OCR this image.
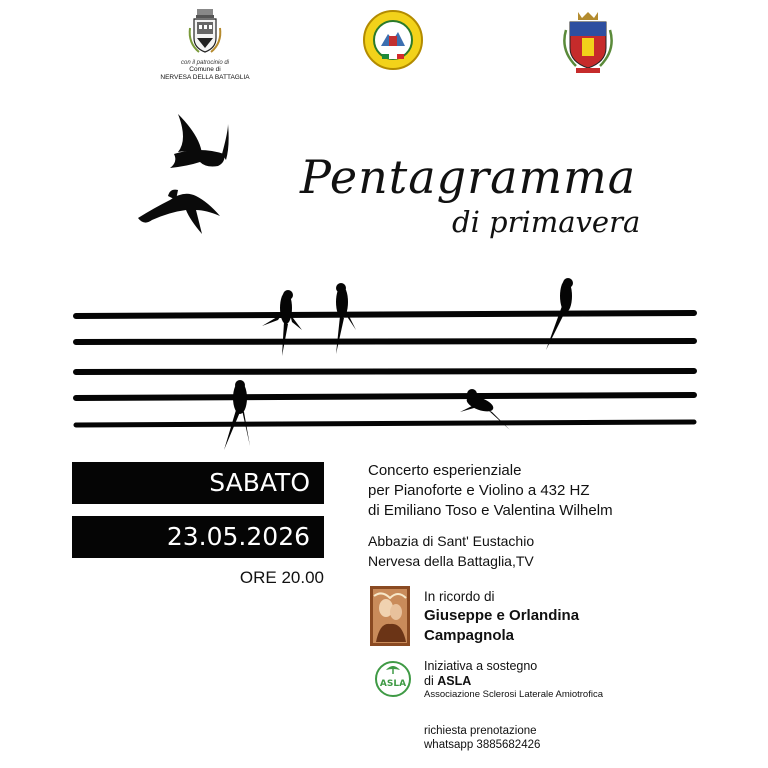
con il patrocinio di
Comune di
NERVESA DELLA BATTAGLIA
Pentagramma
di primavera
SABATO
23.05.2026
ORE 20.00
Concerto esperienziale
per Pianoforte e Violino a 432 HZ
di Emiliano Toso e Valentina Wilhelm
Abbazia di Sant' Eustachio
Nervesa della Battaglia,TV
In ricordo di
Giuseppe e Orlandina
Campagnola
ASLA
Iniziativa a sostegno
di ASLA
Associazione Sclerosi Laterale Amiotrofica
richiesta prenotazione
whatsapp 3885682426
